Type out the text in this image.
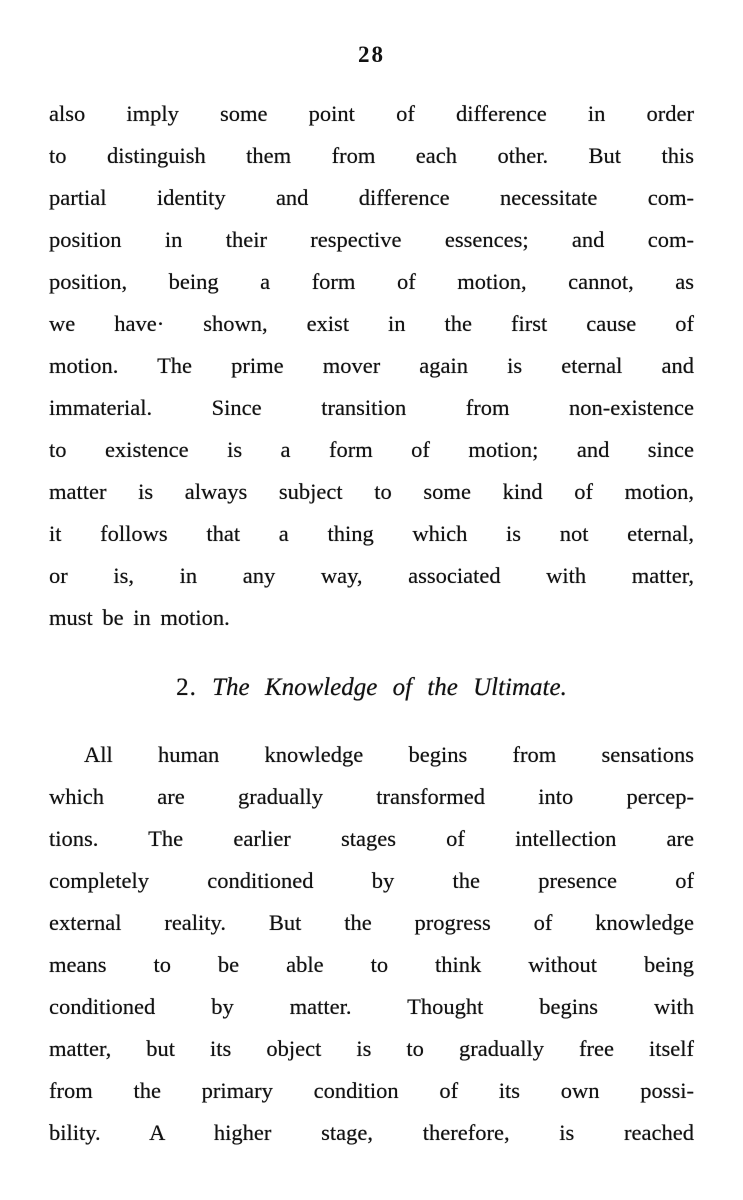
28
also imply some point of difference in order
to distinguish them from each other. But this
partial identity and difference necessitate com-
position in their respective essences; and com-
position, being a form of motion, cannot, as
we have· shown, exist in the first cause of
motion. The prime mover again is eternal and
immaterial. Since transition from non-existence
to existence is a form of motion; and since
matter is always subject to some kind of motion,
it follows that a thing which is not eternal,
or is, in any way, associated with matter,
must be in motion.
2. The Knowledge of the Ultimate.
All human knowledge begins from sensations
which are gradually transformed into percep-
tions. The earlier stages of intellection are
completely conditioned by the presence of
external reality. But the progress of knowledge
means to be able to think without being
conditioned by matter. Thought begins with
matter, but its object is to gradually free itself
from the primary condition of its own possi-
bility. A higher stage, therefore, is reached
